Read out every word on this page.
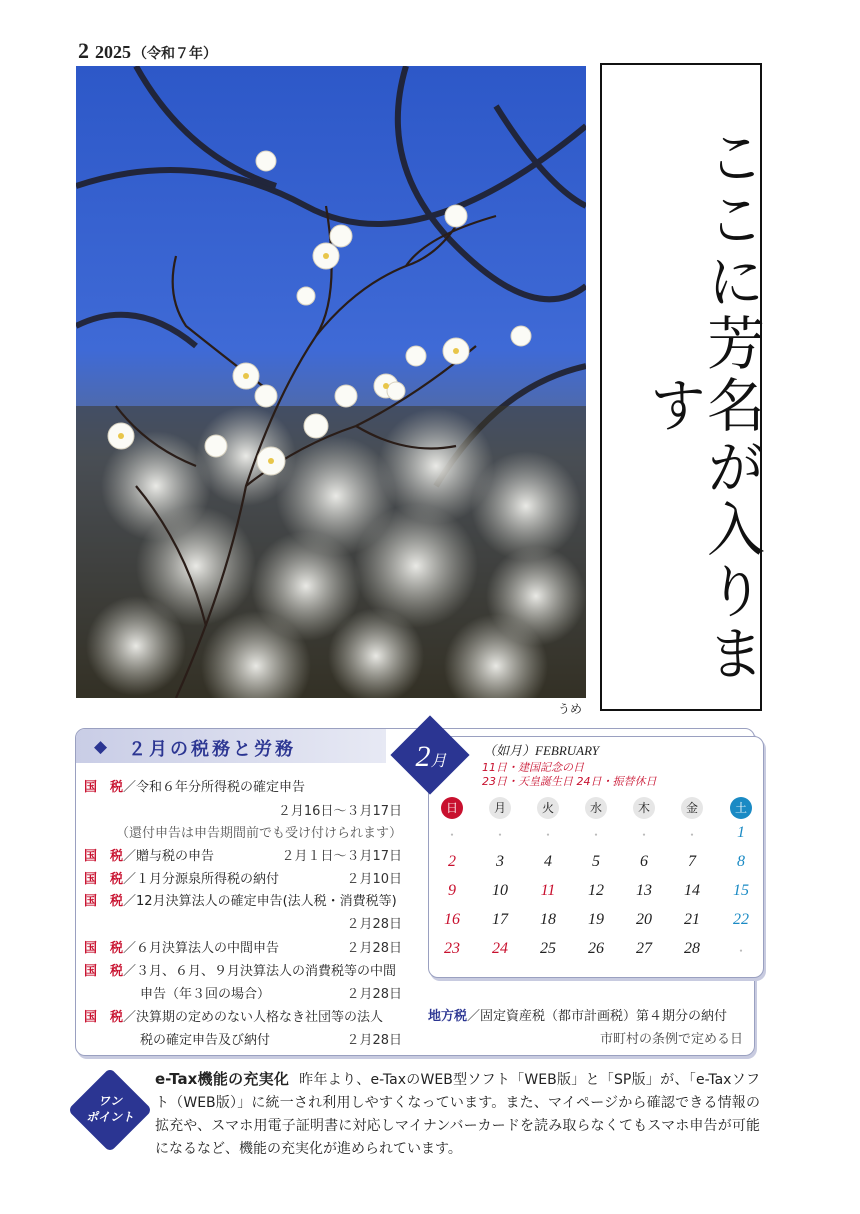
2 2025 （令和７年）
うめ
ここに芳名が入ります
◆ ２月の税務と労務
国　税／令和６年分所得税の確定申告
２月16日～３月17日
（還付申告は申告期間前でも受け付けられます）
国　税／贈与税の申告	２月１日～３月17日
国　税／１月分源泉所得税の納付	２月10日
国　税／12月決算法人の確定申告(法人税・消費税等)
２月28日
国　税／６月決算法人の中間申告	２月28日
国　税／３月、６月、９月決算法人の消費税等の中間
申告（年３回の場合）	２月28日
国　税／決算期の定めのない人格なき社団等の法人
税の確定申告及び納付	２月28日
地方税／固定資産税（都市計画税）第４期分の納付
市町村の条例で定める日
2月
（如月）FEBRUARY
11日・建国記念の日
23日・天皇誕生日 24日・振替休日
日	月	火	水	木	金	土
・	・	・	・	・	・	1
2	3	4	5	6	7	8
9	10	11	12	13	14	15
16	17	18	19	20	21	22
23	24	25	26	27	28	・
ワン
ポイント
e-Tax機能の充実化 昨年より、e-TaxのWEB型ソフト「WEB版」と「SP版」が、「e-Taxソフト（WEB版）」に統一され利用しやすくなっています。また、マイページから確認できる情報の拡充や、スマホ用電子証明書に対応しマイナンバーカードを読み取らなくてもスマホ申告が可能になるなど、機能の充実化が進められています。
